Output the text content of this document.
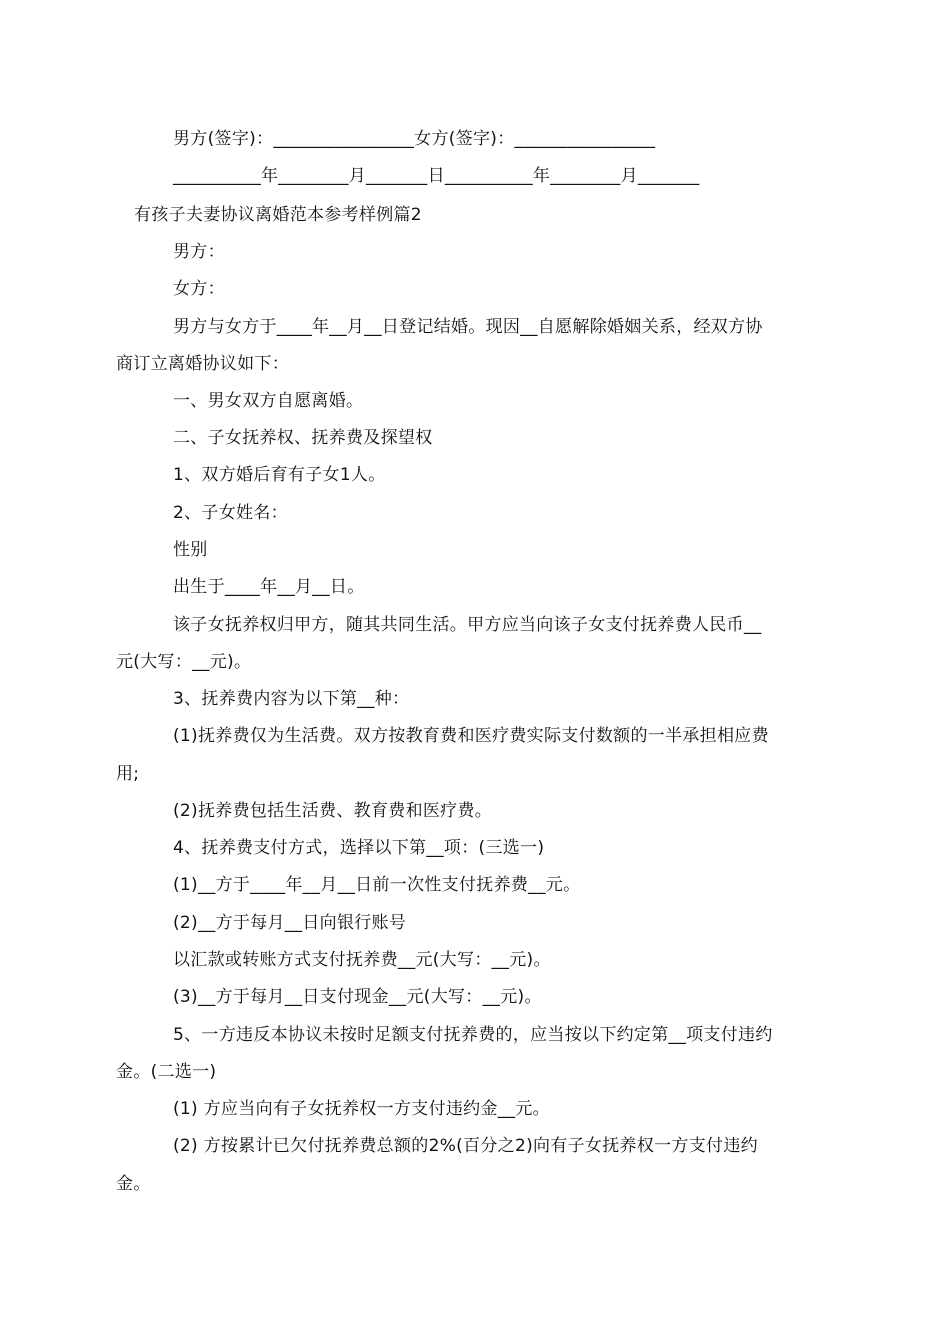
男方(签字)：________________女方(签字)：________________
__________年________月_______日__________年________月_______
有孩子夫妻协议离婚范本参考样例篇2
男方：
女方：
男方与女方于____年__月__日登记结婚。现因__自愿解除婚姻关系，经双方协
商订立离婚协议如下：
一、男女双方自愿离婚。
二、子女抚养权、抚养费及探望权
1、双方婚后育有子女1人。
2、子女姓名：
性别
出生于____年__月__日。
该子女抚养权归甲方，随其共同生活。甲方应当向该子女支付抚养费人民币__
元(大写：__元)。
3、抚养费内容为以下第__种：
(1)抚养费仅为生活费。双方按教育费和医疗费实际支付数额的一半承担相应费
用;
(2)抚养费包括生活费、教育费和医疗费。
4、抚养费支付方式，选择以下第__项：(三选一)
(1)__方于____年__月__日前一次性支付抚养费__元。
(2)__方于每月__日向银行账号
以汇款或转账方式支付抚养费__元(大写：__元)。
(3)__方于每月__日支付现金__元(大写：__元)。
5、一方违反本协议未按时足额支付抚养费的，应当按以下约定第__项支付违约
金。(二选一)
(1) 方应当向有子女抚养权一方支付违约金__元。
(2) 方按累计已欠付抚养费总额的2%(百分之2)向有子女抚养权一方支付违约
金。
